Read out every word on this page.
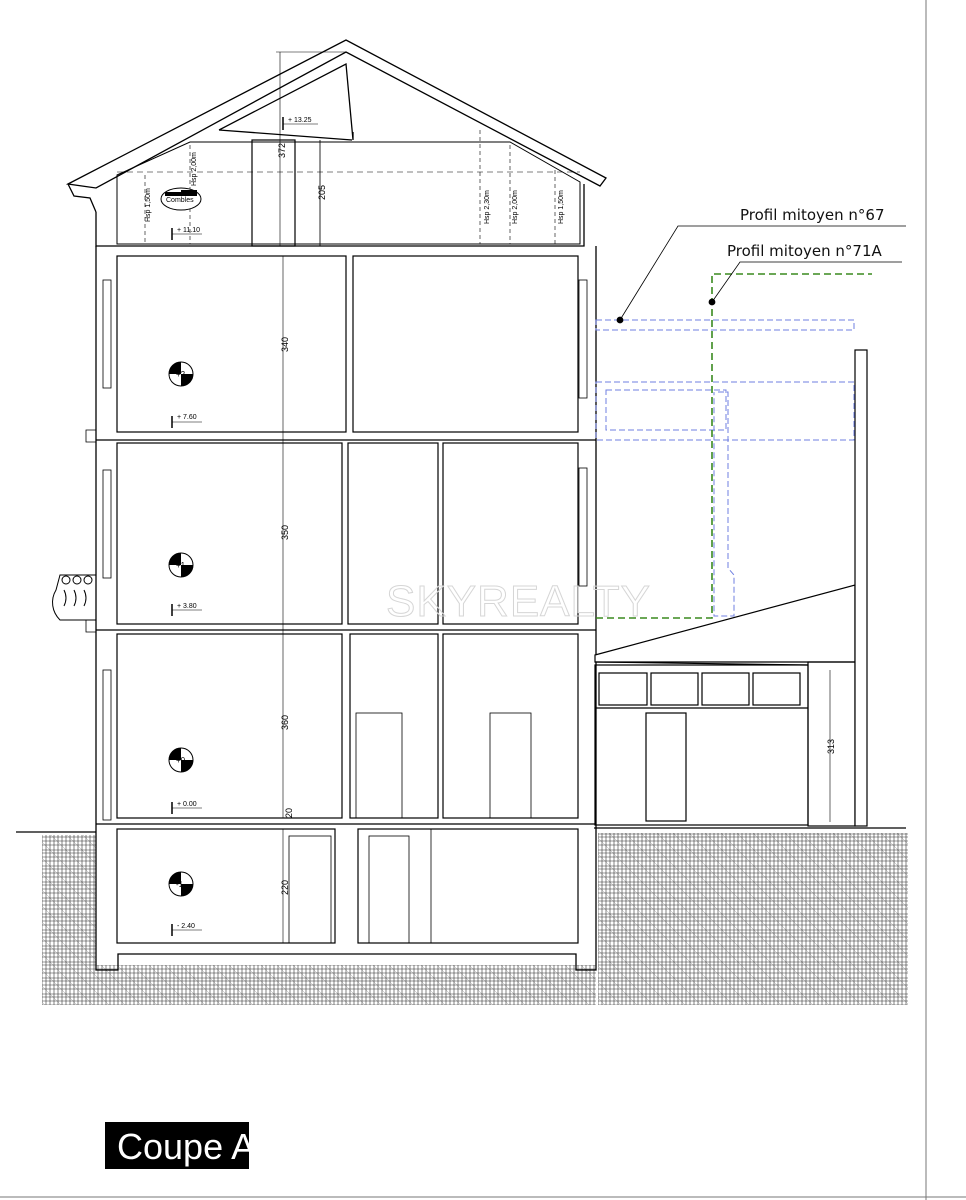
Profil mitoyen n°67
Profil mitoyen n°71A
372
205
340
350
360
20
220
313
+ 13.25
Hsp 1,50m
Hsp 2,00m
Hsp 2,30m	Hsp 2,00m	Hsp 1,50m
Combles
+ 11.10
+2
+ 7.60
+1
+ 3.80
+0
+ 0.00
-1
- 2.40
SKYREALTY
Coupe AA
